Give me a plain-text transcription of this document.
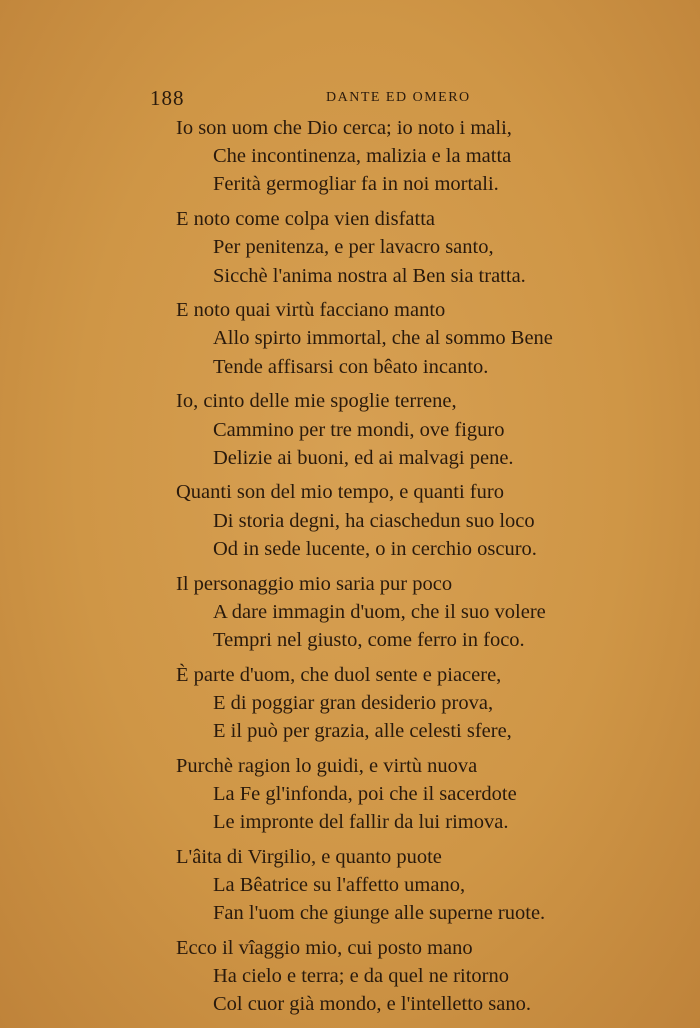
188	DANTE ED OMERO
Io son uom che Dio cerca; io noto i mali,
Che incontinenza, malizia e la matta
Ferità germogliar fa in noi mortali.
E noto come colpa vien disfatta
Per penitenza, e per lavacro santo,
Sicchè l'anima nostra al Ben sia tratta.
E noto quai virtù facciano manto
Allo spirto immortal, che al sommo Bene
Tende affisarsi con bêato incanto.
Io, cinto delle mie spoglie terrene,
Cammino per tre mondi, ove figuro
Delizie ai buoni, ed ai malvagi pene.
Quanti son del mio tempo, e quanti furo
Di storia degni, ha ciaschedun suo loco
Od in sede lucente, o in cerchio oscuro.
Il personaggio mio saria pur poco
A dare immagin d'uom, che il suo volere
Tempri nel giusto, come ferro in foco.
È parte d'uom, che duol sente e piacere,
E di poggiar gran desiderio prova,
E il può per grazia, alle celesti sfere,
Purchè ragion lo guidi, e virtù nuova
La Fe gl'infonda, poi che il sacerdote
Le impronte del fallir da lui rimova.
L'âita di Virgilio, e quanto puote
La Bêatrice su l'affetto umano,
Fan l'uom che giunge alle superne ruote.
Ecco il vîaggio mio, cui posto mano
Ha cielo e terra; e da quel ne ritorno
Col cuor già mondo, e l'intelletto sano.
